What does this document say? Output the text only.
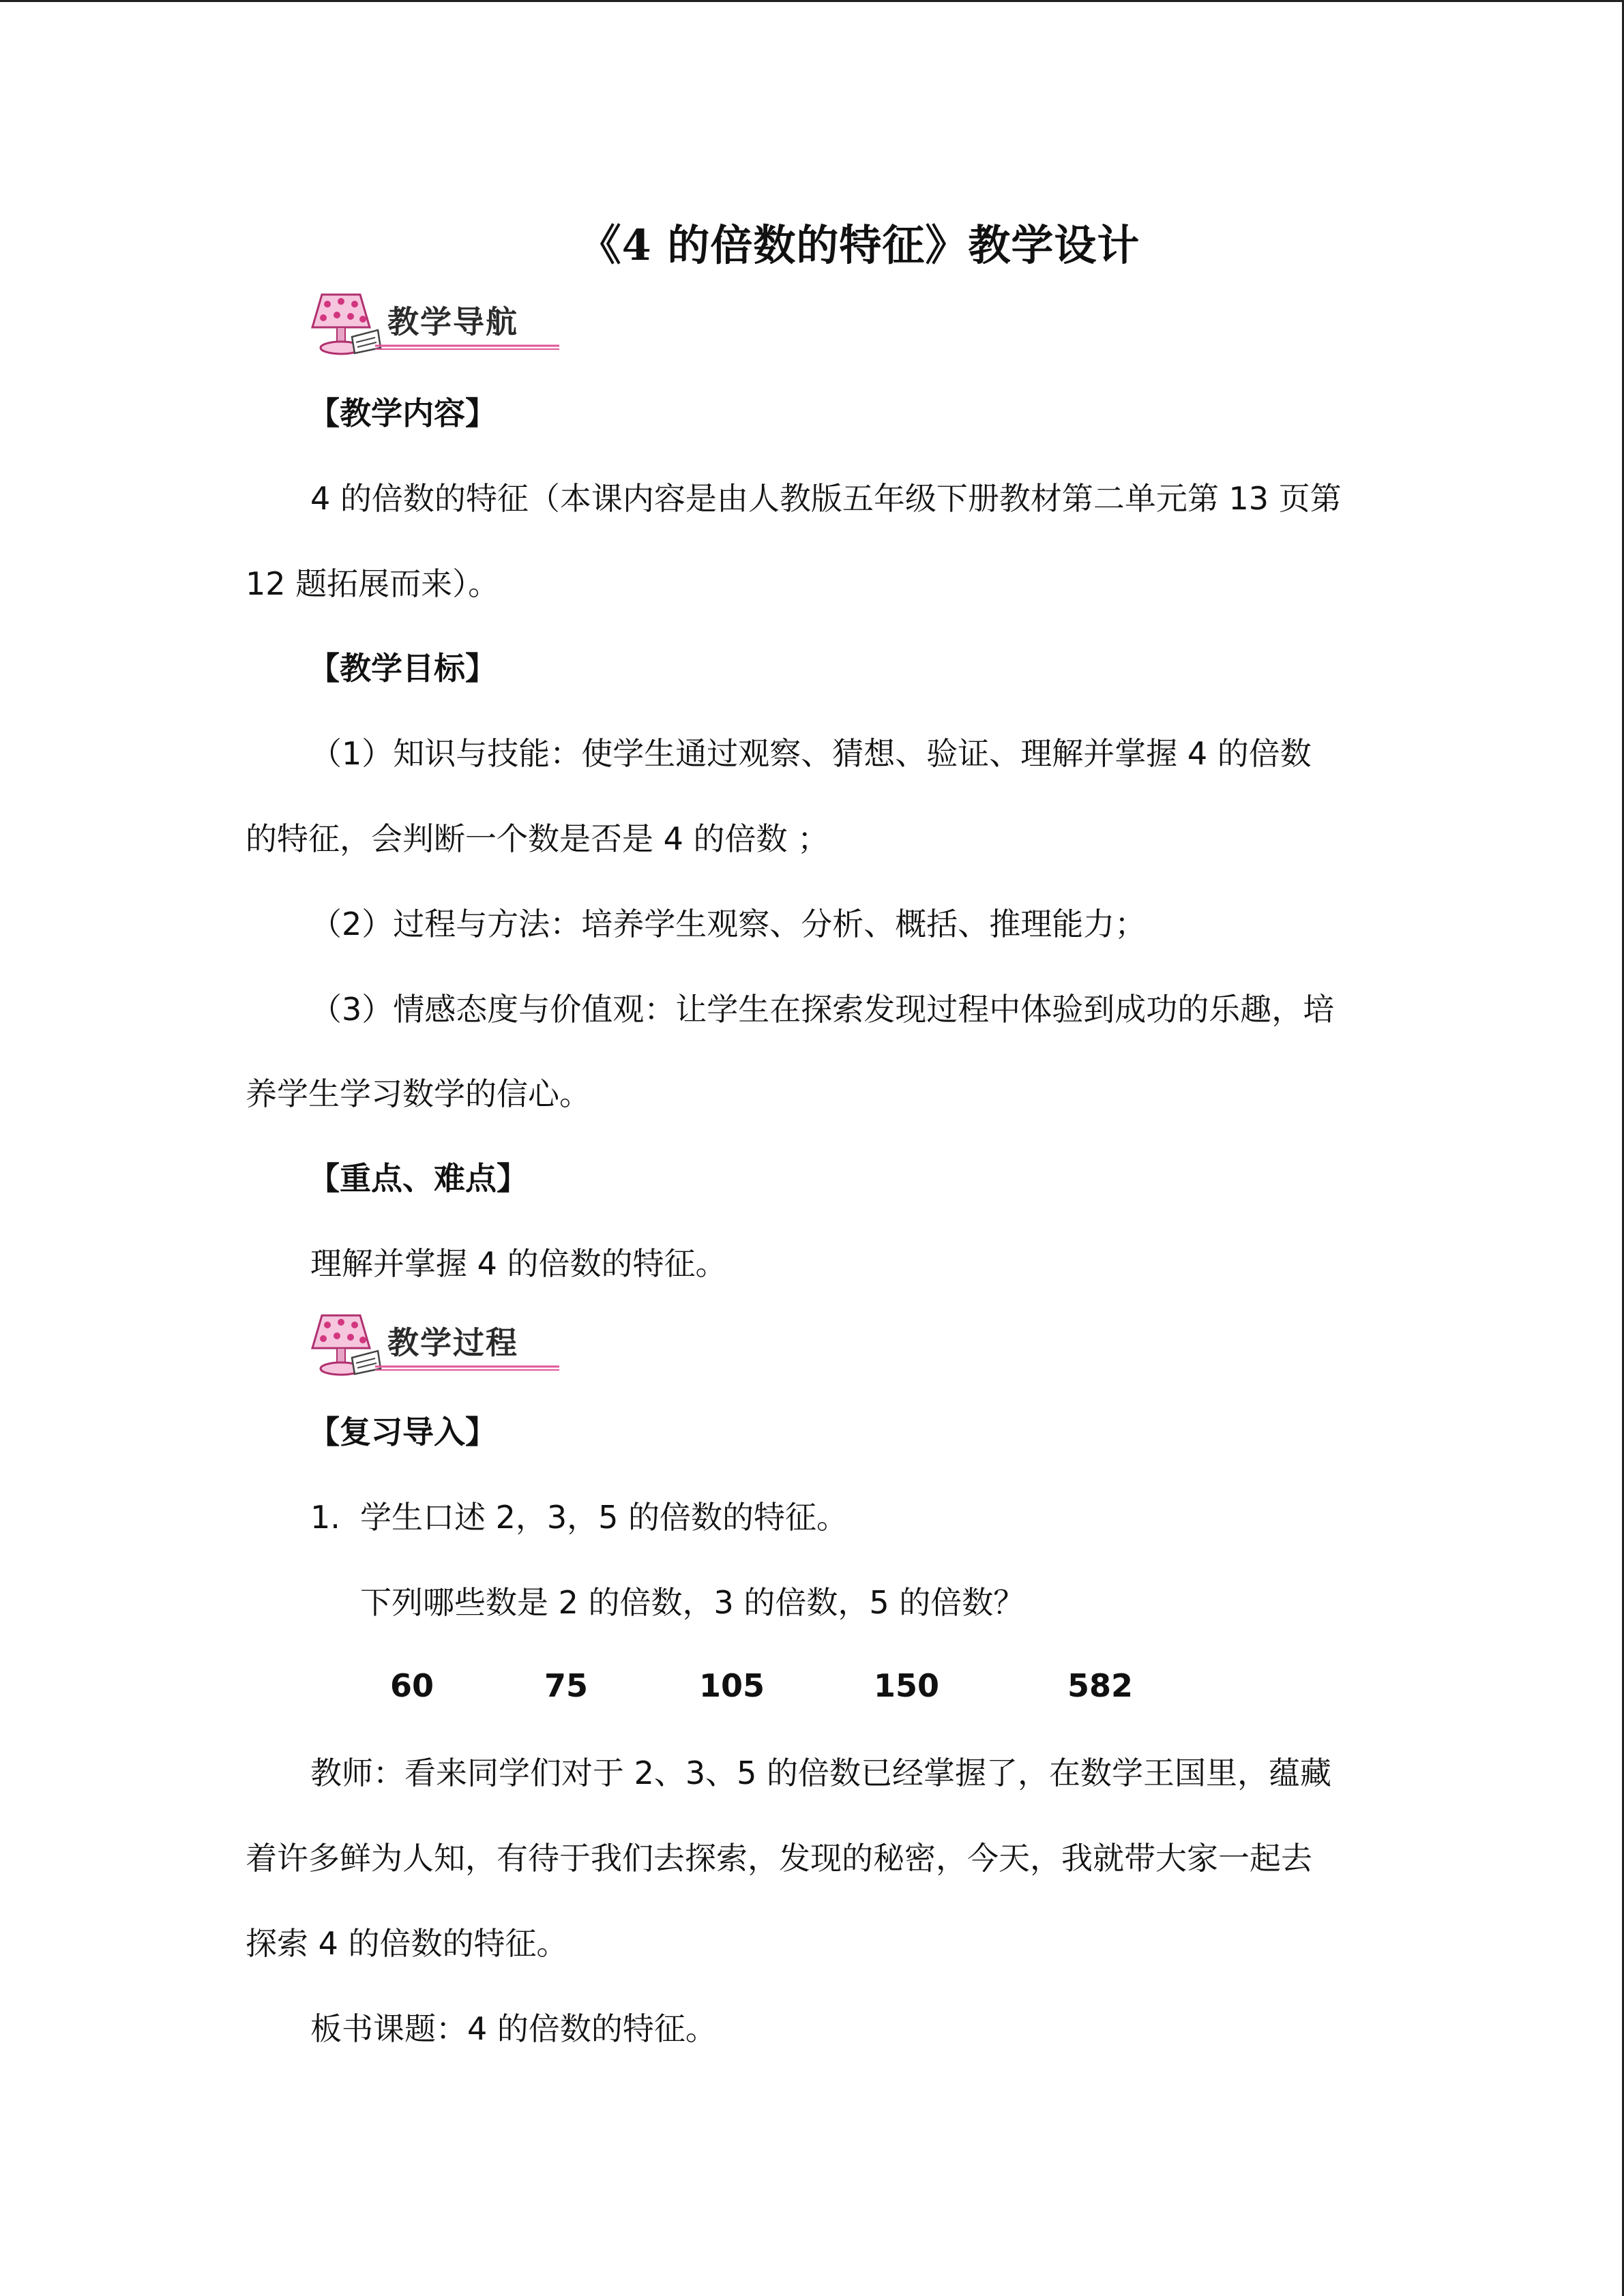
《4 的倍数的特征》教学设计
教学导航
【教学内容】
4 的倍数的特征（本课内容是由人教版五年级下册教材第二单元第 13 页第
12 题拓展而来）。
【教学目标】
（1）知识与技能：使学生通过观察、猜想、验证、理解并掌握 4 的倍数
的特征，会判断一个数是否是 4 的倍数 ；
（2）过程与方法：培养学生观察、分析、概括、推理能力；
（3）情感态度与价值观：让学生在探索发现过程中体验到成功的乐趣，培
养学生学习数学的信心。
【重点、难点】
理解并掌握 4 的倍数的特征。
教学过程
【复习导入】
1. 学生口述 2，3，5 的倍数的特征。
下列哪些数是 2 的倍数，3 的倍数，5 的倍数？
60	75	105	150	582
教师：看来同学们对于 2、3、5 的倍数已经掌握了，在数学王国里，蕴藏
着许多鲜为人知，有待于我们去探索，发现的秘密，今天，我就带大家一起去
探索 4 的倍数的特征。
板书课题：4 的倍数的特征。
